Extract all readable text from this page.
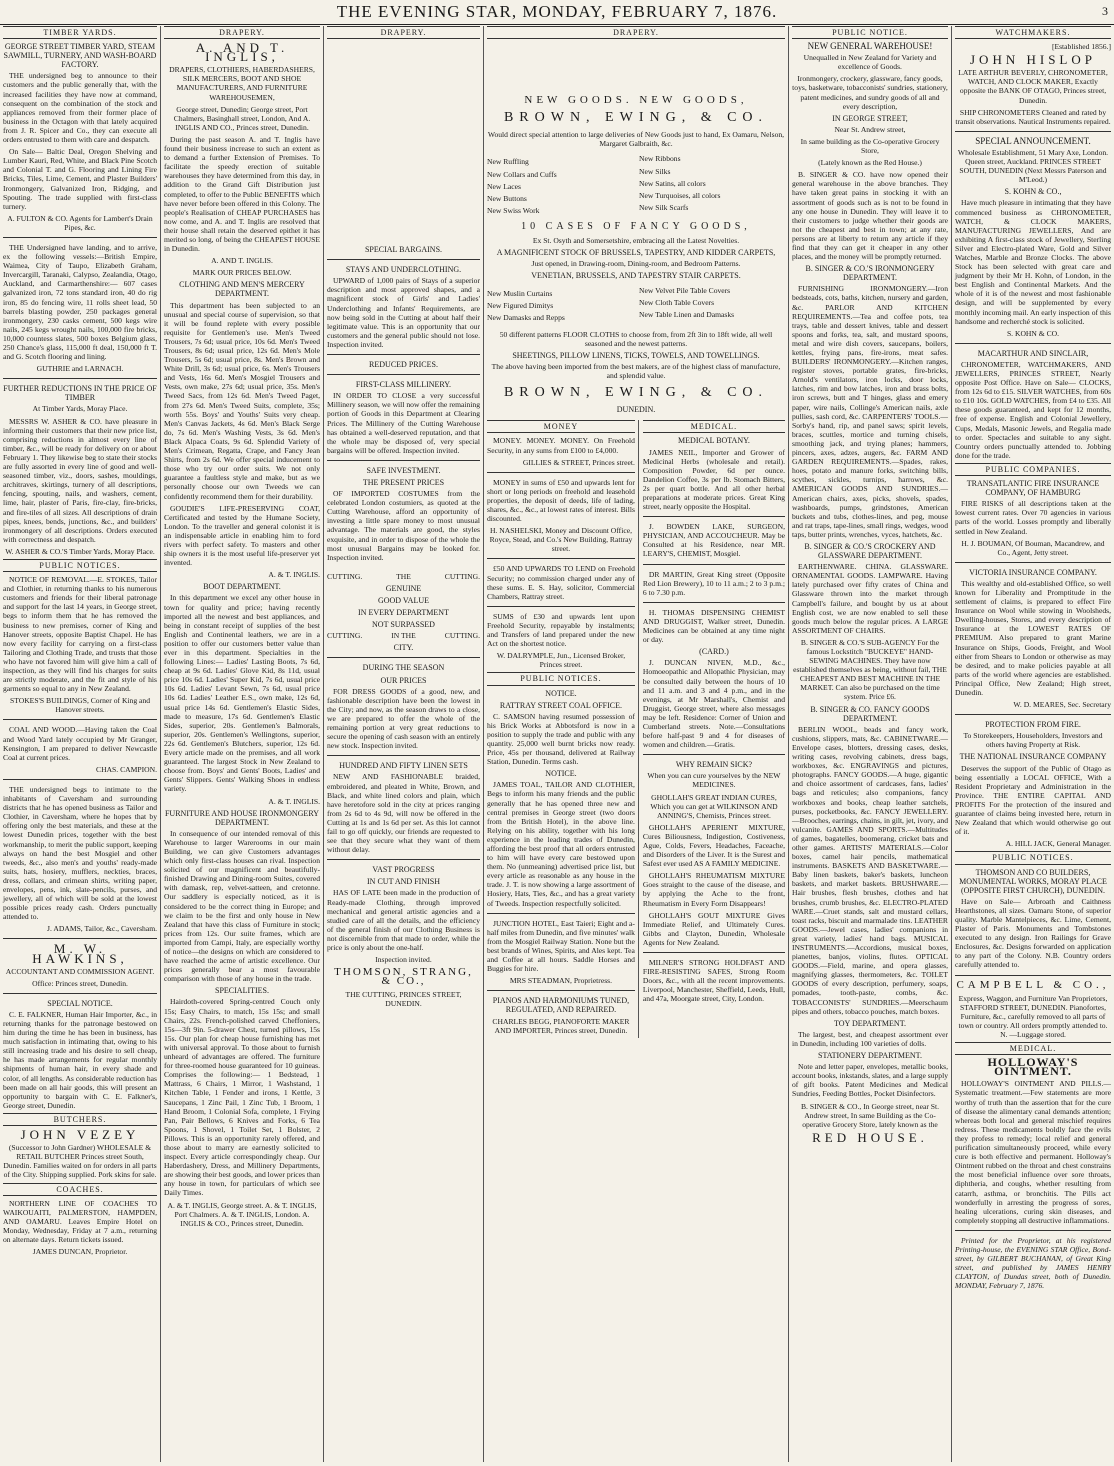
THE EVENING STAR, MONDAY, FEBRUARY 7, 1876.	3
TIMBER YARDS.
GEORGE STREET TIMBER YARD, STEAM SAWMILL, TURNERY, AND WASH-BOARD FACTORY.

THE undersigned beg to announce to their customers and the public generally that, with the increased facilities they have now at command, consequent on the combination of the stock and appliances removed from their former place of business in the Octagon with that lately acquired from J. R. Spicer and Co., they can execute all orders entrusted to them with care and despatch.

On Sale— Baltic Deal, Oregon Shelving and Lumber Kauri, Red, White, and Black Pine Scotch and Colonial T. and G. Flooring and Lining Fire Bricks, Tiles, Lime, Cement, and Plaster Builders' Ironmongery, Galvanized Iron, Ridging, and Spouting. The trade supplied with first-class turnery.

A. FULTON & CO. Agents for Lambert's Drain Pipes, &c.

THE Undersigned have landing, and to arrive, ex the following vessels:—British Empire, Waimea, City of Taupo, Elizabeth Graham, Invercargill, Taranaki, Calypso, Zealandia, Otago, Auckland, and Carmarthenshire:— 607 cases galvanized iron, 72 tons standard iron, 40 do rig iron, 85 do fencing wire, 11 rolls sheet lead, 50 barrels blasting powder, 250 packages general ironmongery, 230 casks cement, 500 kegs wire nails, 245 kegs wrought nails, 100,000 fire bricks, 10,000 countess slates, 500 boxes Belgium glass, 250 Chance's glass, 115,000 ft deal, 150,000 ft T. and G. Scotch flooring and lining.

GUTHRIE and LARNACH.

FURTHER REDUCTIONS IN THE PRICE OF TIMBER

At Timber Yards, Moray Place.

MESSRS W. ASHER & CO. have pleasure in informing their customers that their new price list, comprising reductions in almost every line of timber, &c., will be ready for delivery on or about February 1. They likewise beg to state their stocks are fully assorted in every line of good and well-seasoned timber, viz., doors, sashes, mouldings, architraves, skirtings, turnery of all descriptions, fencing, spouting, nails, and washers, cement, lime, hair, plaster of Paris, fire-clay, fire-bricks, and fire-tiles of all sizes. All descriptions of drain pipes, knees, bends, junctions, &c., and builders' ironmongery of all descriptions. Orders executed with correctness and despatch.

W. ASHER & CO.'S Timber Yards, Moray Place.

PUBLIC NOTICES.

NOTICE OF REMOVAL.—E. STOKES, Tailor and Clothier, in returning thanks to his numerous customers and friends for their liberal patronage and support for the last 14 years, in George street, begs to inform them that he has removed the business to new premises, corner of King and Hanover streets, opposite Baptist Chapel. He has now every facility for carrying on a first-class Tailoring and Clothing Trade, and trusts that those who have not favored him will give him a call of inspection, as they will find his charges for suits are strictly moderate, and the fit and style of his garments so equal to any in New Zealand.

STOKES'S BUILDINGS, Corner of King and Hanover streets.

COAL AND WOOD.—Having taken the Coal and Wood Yard lately occupied by Mr Granger, Kensington, I am prepared to deliver Newcastle Coal at current prices.

CHAS. CAMPION.

THE undersigned begs to intimate to the inhabitants of Caversham and surrounding districts that he has opened business as Tailor and Clothier, in Caversham, where he hopes that by offering only the best materials, and these at the lowest Dunedin prices, together with the best workmanship, to merit the public support, keeping always on hand the best Mosgiel and other tweeds, &c., also men's and youths' ready-made suits, hats, hosiery, mufflers, neckties, braces, dress, collars, and crimean shirts, writing paper, envelopes, pens, ink, slate-pencils, purses, and jewellery, all of which will be sold at the lowest possible prices ready cash. Orders punctually attended to.

J. ADAMS, Tailor, &c., Caversham.

M. W. HAWKINS,

ACCOUNTANT AND COMMISSION AGENT.

Office: Princes street, Dunedin.

SPECIAL NOTICE.

C. E. FALKNER, Human Hair Importer, &c., in returning thanks for the patronage bestowed on him during the time he has been in business, has much satisfaction in intimating that, owing to his still increasing trade and his desire to sell cheap, he has made arrangements for regular monthly shipments of human hair, in every shade and color, of all lengths. As considerable reduction has been made on all hair goods, this will present an opportunity to bargain with C. E. Falkner's, George street, Dunedin.

BUTCHERS.
JOHN VEZEY

(Successor to John Gardner) WHOLESALE & RETAIL BUTCHER Princes street South, Dunedin. Families waited on for orders in all parts of the City. Shipping supplied. Pork skins for sale.

COACHES.

NORTHERN LINE OF COACHES TO WAIKOUAITI, PALMERSTON, HAMPDEN, AND OAMARU. Leaves Empire Hotel on Monday, Wednesday, Friday at 7 a.m., returning on alternate days. Return tickets issued.

JAMES DUNCAN, Proprietor.

DRAPERY.
A. AND T. INGLIS,

DRAPERS, CLOTHIERS, HABERDASHERS, SILK MERCERS, BOOT AND SHOE MANUFACTURERS, AND FURNITURE WAREHOUSEMEN,

George street, Dunedin; George street, Port Chalmers, Basinghall street, London, And A. INGLIS AND CO., Princes street, Dunedin.

During the past season A. and T. Inglis have found their business increase to such an extent as to demand a further Extension of Premises. To facilitate the speedy erection of suitable warehouses they have determined from this day, in addition to the Grand Gift Distribution just completed, to offer to the Public BENEFITS which have never before been offered in this Colony. The people's Realisation of CHEAP PURCHASES has now come, and A. and T. Inglis are resolved that their house shall retain the deserved epithet it has merited so long, of being the CHEAPEST HOUSE in Dunedin.

A. AND T. INGLIS.

MARK OUR PRICES BELOW.

CLOTHING AND MEN'S MERCERY DEPARTMENT.

This department has been subjected to an unusual and special course of supervision, so that it will be found replete with every possible requisite for Gentlemen's use. Men's Tweed Trousers, 7s 6d; usual price, 10s 6d. Men's Tweed Trousers, 8s 6d; usual price, 12s 6d. Men's Mole Trousers, 5s 6d; usual price, 8s. Men's Brown and White Drill, 3s 6d; usual price, 6s. Men's Trousers and Vests, 16s 6d. Men's Mosgiel Trousers and Vests, own make, 27s 6d; usual price, 35s. Men's Tweed Sacs, from 12s 6d. Men's Tweed Paget, from 27s 6d. Men's Tweed Suits, complete, 35s; worth 55s. Boys' and Youths' Suits very cheap. Men's Canvas Jackets, 4s 6d. Men's Black Serge do, 7s 6d. Men's Washing Vests, 3s 6d. Men's Black Alpaca Coats, 9s 6d. Splendid Variety of Men's Crimean, Regatta, Crape, and Fancy Jean Shirts, from 2s 6d. We offer special inducement to those who try our order suits. We not only guarantee a faultless style and make, but as we personally choose our own Tweeds we can confidently recommend them for their durability.

GOUDIE'S LIFE-PRESERVING COAT, Certificated and tested by the Humane Society, London. To the traveller and general colonist it is an indispensable article in enabling him to ford rivers with perfect safety. To masters and other ship owners it is the most useful life-preserver yet invented.

A. & T. INGLIS.

BOOT DEPARTMENT.

In this department we excel any other house in town for quality and price; having recently imported all the newest and best appliances, and being in constant receipt of supplies of the best English and Continental leathers, we are in a position to offer our customers better value than ever in this department. Specialties in the following Lines:— Ladies' Lasting Boots, 7s 6d, cheap at 9s 6d. Ladies' Glove Kid, 8s 11d, usual price 10s 6d. Ladies' Super Kid, 7s 6d, usual price 10s 6d. Ladies' Levant Sewn, 7s 6d, usual price 10s 6d. Ladies' Leather E.S., own make, 12s 6d, usual price 14s 6d. Gentlemen's Elastic Sides, made to measure, 17s 6d. Gentlemen's Elastic Sides, superior, 20s. Gentlemen's Balmorals, superior, 20s. Gentlemen's Wellingtons, superior, 22s 6d. Gentlemen's Blutchers, superior, 12s 6d. Every article made on the premises, and all work guaranteed. The largest Stock in New Zealand to choose from. Boys' and Gents' Boots, Ladies' and Gents' Slippers. Gents' Walking Shoes in endless variety.

A. & T. INGLIS.

FURNITURE AND HOUSE IRONMONGERY DEPARTMENT.

In consequence of our intended removal of this Warehouse to larger Warerooms in our main Building, we can give Customers advantages which only first-class houses can rival. Inspection solicited of our magnificent and beautifully-finished Drawing and Dining-room Suites, covered with damask, rep, velvet-satteen, and cretonne. Our saddlery is especially noticed, as it is considered to be the correct thing in Europe; and we claim to be the first and only house in New Zealand that have this class of Furniture in stock; prices from 12s. Our suite frames, which are imported from Campi, Italy, are especially worthy of notice—the designs on which are considered to have reached the acme of artistic excellence. Our prices generally bear a most favourable comparison with those of any house in the trade.

SPECIALITIES.

Hairdoth-covered Spring-centred Couch only 15s; Easy Chairs, to match, 15s 15s; and small Chairs, 22s. French-polished carved Cheffoniers, 15s—3ft 9in. 5-drawer Chest, turned pillows, 15s 15s. Our plan for cheap house furnishing has met with universal approval. To those about to furnish unheard of advantages are offered. The furniture for three-roomed house guaranteed for 10 guineas. Comprises the following:— 1 Bedstead, 1 Mattrass, 6 Chairs, 1 Mirror, 1 Washstand, 1 Kitchen Table, 1 Fender and irons, 1 Kettle, 3 Saucepans, 1 Zinc Pail, 1 Zinc Tub, 1 Broom, 1 Hand Broom, 1 Colonial Sofa, complete, 1 Frying Pan, Pair Bellows, 6 Knives and Forks, 6 Tea Spoons, 1 Shovel, 1 Toilet Set, 1 Bolster, 2 Pillows. This is an opportunity rarely offered, and those about to marry are earnestly solicited to inspect. Every article correspondingly cheap. Our Haberdashery, Dress, and Millinery Departments, are showing their best goods, and lower prices than any house in town, for particulars of which see Daily Times.

A. & T. INGLIS, George street. A. & T. INGLIS, Port Chalmers. A. & T. INGLIS, London. A. INGLIS & CO., Princes street, Dunedin.

DRAPERY.
SPECIAL BARGAINS.
STAYS AND UNDERCLOTHING.

UPWARD of 1,000 pairs of Stays of a superior description and most approved shapes, and a magnificent stock of Girls' and Ladies' Underclothing and Infants' Requirements, are now being sold in the Cutting at about half their legitimate value. This is an opportunity that our customers and the general public should not lose. Inspection invited.

REDUCED PRICES.
FIRST-CLASS MILLINERY.

IN ORDER TO CLOSE a very successful Millinery season, we will now offer the remaining portion of Goods in this Department at Clearing Prices. The Millinery of the Cutting Warehouse has obtained a well-deserved reputation, and that the whole may be disposed of, very special bargains will be offered. Inspection invited.

SAFE INVESTMENT.
THE PRESENT PRICES

OF IMPORTED COSTUMES from the celebrated London costumiers, as quoted at the Cutting Warehouse, afford an opportunity of investing a little spare money to most unusual advantage. The materials are good, the styles exquisite, and in order to dispose of the whole the most unusual Bargains may be looked for. Inspection invited.

CUTTING.	THE	CUTTING.
GENUINE
GOOD VALUE
IN EVERY DEPARTMENT
NOT SURPASSED
CUTTING.	IN THE	CUTTING.
CITY.
DURING THE SEASON
OUR PRICES

FOR DRESS GOODS of a good, new, and fashionable description have been the lowest in the City; and now, as the season draws to a close, we are prepared to offer the whole of the remaining portion at very great reductions to secure the opening of cash season with an entirely new stock. Inspection invited.

HUNDRED AND FIFTY LINEN SETS

NEW AND FASHIONABLE braided, embroidered, and pleated in White, Brown, and Black, and white lined colors and plain, which have heretofore sold in the city at prices ranging from 2s 6d to 4s 9d, will now be offered in the Cutting at 1s and 1s 6d per set. As this lot cannot fail to go off quickly, our friends are requested to see that they secure what they want of them without delay.

VAST PROGRESS
IN CUT AND FINISH

HAS OF LATE been made in the production of Ready-made Clothing, through improved mechanical and general artistic agencies and a studied care of all the details, and the efficiency of the general finish of our Clothing Business is not discernible from that made to order, while the price is only about the one-half.

Inspection invited.

THOMSON, STRANG, & CO.,

THE CUTTING, PRINCES STREET, DUNEDIN.

DRAPERY.
NEW GOODS. NEW GOODS,
BROWN, EWING, & CO.

Would direct special attention to large deliveries of New Goods just to hand, Ex Oamaru, Nelson, Margaret Galbraith, &c.

New Ruffling
New Collars and Cuffs
New Laces
New Buttons
New Swiss Work
New Ribbons
New Silks
New Satins, all colors
New Turquoises, all colors
New Silk Scarfs
10 CASES OF FANCY GOODS,

Ex St. Osyth and Somersetshire, embracing all the Latest Novelties.

A MAGNIFICENT STOCK OF BRUSSELS, TAPESTRY, AND KIDDER CARPETS,

Just opened, in Drawing-room, Dining-room, and Bedroom Patterns.

VENETIAN, BRUSSELS, AND TAPESTRY STAIR CARPETS.
New Muslin Curtains
New Figured Dimitys
New Damasks and Repps
New Velvet Pile Table Covers
New Cloth Table Covers
New Table Linen and Damasks

50 different patterns FLOOR CLOTHS to choose from, from 2ft 3in to 18ft wide, all well seasoned and the newest patterns.

SHEETINGS, PILLOW LINENS, TICKS, TOWELS, AND TOWELLINGS.

The above having been imported from the best makers, are of the highest class of manufacture, and splendid value.

BROWN, EWING, & CO.
DUNEDIN.
MONEY

MONEY. MONEY. MONEY. On Freehold Security, in any sums from £100 to £4,000.

GILLIES & STREET, Princes street.

MONEY in sums of £50 and upwards lent for short or long periods on freehold and leasehold properties, the deposit of deeds, life of lading, shares, &c., &c., at lowest rates of interest. Bills discounted.

H. NASHELSKI, Money and Discount Office, Royce, Stead, and Co.'s New Building, Rattray street.

£50 AND UPWARDS TO LEND on Freehold Security; no commission charged under any of these sums. E. S. Hay, solicitor, Commercial Chambers, Rattray street.

SUMS of £30 and upwards lent upon Freehold Security, repayable by instalments; and Transfers of land prepared under the new Act on the shortest notice.

W. DALRYMPLE, Jun., Licensed Broker, Princes street.

PUBLIC NOTICES.
NOTICE.
RATTRAY STREET COAL OFFICE.

C. SAMSON having resumed possession of his Brick Works at Abbotsford is now in a position to supply the trade and public with any quantity. 25,000 well burnt bricks now ready. Price, 45s per thousand, delivered at Railway Station, Dunedin. Terms cash.

NOTICE.

JAMES TOAL, TAILOR AND CLOTHIER, Begs to inform his many friends and the public generally that he has opened three new and central premises in George street (two doors from the British Hotel), in the above line. Relying on his ability, together with his long experience in the leading trades of Dunedin, affording the best proof that all orders entrusted to him will have every care bestowed upon them. No (unmeaning) advertised price list, but every article as reasonable as any house in the trade. J. T. is now showing a large assortment of Hosiery, Hats, Ties, &c., and has a great variety of Tweeds. Inspection respectfully solicited.

JUNCTION HOTEL, East Taieri; Eight and a-half miles from Dunedin, and five minutes' walk from the Mosgiel Railway Station. None but the best brands of Wines, Spirits, and Ales kept. Tea and Coffee at all hours. Saddle Horses and Buggies for hire.

MRS STEADMAN, Proprietress.

PIANOS AND HARMONIUMS TUNED, REGULATED, AND REPAIRED.

CHARLES BEGG, PIANOFORTE MAKER AND IMPORTER, Princes street, Dunedin.

MEDICAL.
MEDICAL BOTANY.

JAMES NEIL, Importer and Grower of Medicinal Herbs (wholesale and retail). Composition Powder, 6d per ounce. Dandelion Coffee, 3s per lb. Stomach Bitters, 2s per quart bottle. And all other herbal preparations at moderate prices. Great King street, nearly opposite the Hospital.

J. BOWDEN LAKE, SURGEON, PHYSICIAN, AND ACCOUCHEUR. May be Consulted at his Residence, near MR. LEARY'S, CHEMIST, Mosgiel.

DR MARTIN, Great King street (Opposite Red Lion Brewery), 10 to 11 a.m.; 2 to 3 p.m.; 6 to 7.30 p.m.

H. THOMAS DISPENSING CHEMIST AND DRUGGIST, Walker street, Dunedin. Medicines can be obtained at any time night or day.

(CARD.)

J. DUNCAN NIVEN, M.D., &c., Homoeopathic and Allopathic Physician, may be consulted daily between the hours of 10 and 11 a.m. and 3 and 4 p.m., and in the evenings, at Mr Marshall's, Chemist and Druggist, George street, where also messages may be left. Residence: Corner of Union and Cumberland streets. Note.—Consultations before half-past 9 and 4 for diseases of women and children.—Gratis.

WHY REMAIN SICK?

When you can cure yourselves by the NEW MEDICINES.

GHOLLAH'S GREAT INDIAN CURES, Which you can get at WILKINSON AND ANNING'S, Chemists, Princes street.

GHOLLAH'S APERIENT MIXTURE, Cures Biliousness, Indigestion, Costiveness, Ague, Colds, Fevers, Headaches, Faceache, and Disorders of the Liver. It is the Surest and Safest ever used AS A FAMILY MEDICINE.

GHOLLAH'S RHEUMATISM MIXTURE Goes straight to the cause of the disease, and by applying the Ache to the front, Rheumatism in Every Form Disappears!

GHOLLAH'S GOUT MIXTURE Gives Immediate Relief, and Ultimately Cures. Gibbs and Clayton, Dunedin, Wholesale Agents for New Zealand.

MILNER'S STRONG HOLDFAST AND FIRE-RESISTING SAFES, Strong Room Doors, &c., with all the recent improvements. Liverpool, Manchester, Sheffield, Leeds, Hull, and 47a, Moorgate street, City, London.

PUBLIC NOTICE.
NEW GENERAL WAREHOUSE!

Unequalled in New Zealand for Variety and excellence of Goods.

Ironmongery, crockery, glassware, fancy goods, toys, basketware, tobacconists' sundries, stationery, patent medicines, and sundry goods of all and every description,

IN GEORGE STREET,

Near St. Andrew street,

In same building as the Co-operative Grocery Store,

(Lately known as the Red House.)

B. SINGER & CO. have now opened their general warehouse in the above branches. They have taken great pains in stocking it with an assortment of goods such as is not to be found in any one house in Dunedin. They will leave it to their customers to judge whether their goods are not the cheapest and best in town; at any rate, persons are at liberty to return any article if they find that they can get it cheaper in any other places, and the money will be promptly returned.

B. SINGER & CO.'S IRONMONGERY DEPARTMENT.

FURNISHING IRONMONGERY.—Iron bedsteads, cots, baths, kitchen, nursery and garden, &c. PARLOR AND KITCHEN REQUIREMENTS.—Tea and coffee pots, tea trays, table and dessert knives, table and dessert spoons and forks, tea, salt, and mustard spoons, metal and wire dish covers, saucepans, boilers, kettles, frying pans, fire-irons, meat safes. BUILDERS' IRONMONGERY.—Kitchen ranges, register stoves, portable grates, fire-bricks, Arnold's ventilators, iron locks, door locks, latches, rim and bow latches, iron and brass bolts, iron screws, butt and T hinges, glass and emery paper, wire nails, Collinge's American nails, axle pullies, sash cord, &c. CARPENTERS' TOOLS.—Sorby's hand, rip, and panel saws; spirit levels, braces, scuttles, mortice and turning chisels, smoothing jack, and trying planes; hammers, pincers, axes, adzes, augers, &c. FARM AND GARDEN REQUIREMENTS.—Spades, rakes, hoes, potato and manure forks, switching bills, scythes, sickles, turnips, harrows, &c. AMERICAN GOODS AND SUNDRIES.—American chairs, axes, picks, shovels, spades, washboards, pumps, grindstones, American buckets and tubs, clothes-lines, and peg, mouse and rat traps, tape-lines, small rings, wedges, wood taps, butter prints, wrenches, vyces, hatchets, &c.

B. SINGER & CO.'S CROCKERY AND GLASSWARE DEPARTMENT.

EARTHENWARE. CHINA. GLASSWARE. ORNAMENTAL GOODS. LAMPWARE. Having lately purchased over fifty crates of China and Glassware thrown into the market through Campbell's failure, and bought by us at about English cost, we are now enabled to sell these goods much below the regular prices. A LARGE ASSORTMENT OF CHAIRS.

B. SINGER & CO.'S SUB-AGENCY For the famous Lockstitch "BUCKEYE" HAND-SEWING MACHINES. They have now established themselves as being, without fail, THE CHEAPEST AND BEST MACHINE IN THE MARKET. Can also be purchased on the time system. Price £6.

B. SINGER & CO. FANCY GOODS DEPARTMENT.

BERLIN WOOL, beads and fancy work, cushions, slippers, mats, &c. CABINETWARE.—Envelope cases, blotters, dressing cases, desks, writing cases, revolving cabinets, dress bags, workboxes, &c. ENGRAVINGS and pictures, photographs. FANCY GOODS.—A huge, gigantic and choice assortment of cardcases, fans, ladies' bags and reticules; also companions, fancy workboxes and books, cheap leather satchels, purses, pocketbooks, &c. FANCY JEWELLERY.—Brooches, earrings, chains, in gilt, jet, ivory, and vulcanite. GAMES AND SPORTS.—Multitudes of games, bagatelles, boomerang, cricket bats and other games. ARTISTS' MATERIALS.—Color boxes, camel hair pencils, mathematical instruments. BASKETS AND BASKETWARE.—Baby linen baskets, baker's baskets, luncheon baskets, and market baskets. BRUSHWARE.—Hair brushes, flesh brushes, clothes and hat brushes, crumb brushes, &c. ELECTRO-PLATED WARE.—Cruet stands, salt and mustard cellars, toast racks, biscuit and marmalade tins. LEATHER GOODS.—Jewel cases, ladies' companions in great variety, ladies' hand bags. MUSICAL INSTRUMENTS.—Accordions, musical boxes, pianettes, banjos, violins, flutes. OPTICAL GOODS.—Field, marine, and opera glasses, magnifying glasses, thermometers, &c. TOILET GOODS of every description, perfumery, soaps, pomades, tooth-paste, combs, &c. TOBACCONISTS' SUNDRIES.—Meerschaum pipes and others, tobacco pouches, match boxes.

TOY DEPARTMENT.

The largest, best, and cheapest assortment ever in Dunedin, including 100 varieties of dolls.

STATIONERY DEPARTMENT.

Note and letter paper, envelopes, metallic books, account books, inkstands, slates, and a large supply of gift books. Patent Medicines and Medical Sundries, Feeding Bottles, Pocket Disinfectors.

B. SINGER & CO., In George street, near St. Andrew street, In same Building as the Co-operative Grocery Store, lately known as the

RED HOUSE.
WATCHMAKERS.

[Established 1856.]

JOHN HISLOP

LATE ARTHUR BEVERLY, CHRONOMETER, WATCH, AND CLOCK MAKER, Exactly opposite the BANK OF OTAGO, Princes street, Dunedin.

SHIP CHRONOMETERS Cleaned and rated by transit observations. Nautical Instruments repaired.

SPECIAL ANNOUNCEMENT.

Wholesale Establishment, 51 Mary Axe, London. Queen street, Auckland. PRINCES STREET SOUTH, DUNEDIN (Next Messrs Paterson and M'Leod.)

S. KOHN & CO.,

Have much pleasure in intimating that they have commenced business as CHRONOMETER, WATCH, & CLOCK MAKERS, MANUFACTURING JEWELLERS, And are exhibiting A first-class stock of Jewellery, Sterling Silver and Electro-plated Ware, Gold and Silver Watches, Marble and Bronze Clocks. The above Stock has been selected with great care and judgment by their Mr H. Kohn, of London, in the best English and Continental Markets. And the whole of it is of the newest and most fashionable design, and will be supplemented by every monthly incoming mail. An early inspection of this handsome and recherché stock is solicited.

S. KOHN & CO.

MACARTHUR AND SINCLAIR,

CHRONOMETER, WATCHMAKERS, AND JEWELLERS, PRINCES STREET, Nearly opposite Post Office. Have on Sale— CLOCKS, from 12s 6d to £15. SILVER WATCHES, from 60s to £10 10s. GOLD WATCHES, from £4 to £35. All these goods guaranteed, and kept for 12 months, free of expense. English and Colonial Jewellery, Cups, Medals, Masonic Jewels, and Regalia made to order. Spectacles and suitable to any sight. Country orders punctually attended to. Jobbing done for the trade.

PUBLIC COMPANIES.
TRANSATLANTIC FIRE INSURANCE COMPANY, OF HAMBURG

FIRE RISKS of all descriptions taken at the lowest current rates. Over 70 agencies in various parts of the world. Losses promptly and liberally settled in New Zealand.

H. J. BOUMAN, Of Bouman, Macandrew, and Co., Agent, Jetty street.

VICTORIA INSURANCE COMPANY.

This wealthy and old-established Office, so well known for Liberality and Promptitude in the settlement of claims, is prepared to effect Fire Insurance on Wool while stowing in Woolsheds, Dwelling-houses, Stores, and every description of Insurance at the LOWEST RATES OF PREMIUM. Also prepared to grant Marine Insurance on Ships, Goods, Freight, and Wool either from Shears to London or otherwise as may be desired, and to make policies payable at all parts of the world where agencies are established. Principal Office, New Zealand; High street, Dunedin.

W. D. MEARES, Sec. Secretary

PROTECTION FROM FIRE.

To Storekeepers, Householders, Investors and others having Property at Risk.

THE NATIONAL INSURANCE COMPANY

Deserves the support of the Public of Otago as being essentially a LOCAL OFFICE, With a Resident Proprietary and Administration in the Province. THE ENTIRE CAPITAL AND PROFITS For the protection of the insured and guarantee of claims being invested here, return in New Zealand that which would otherwise go out of it.

A. HILL JACK, General Manager.

PUBLIC NOTICES.
THOMSON AND CO BUILDERS, MONUMENTAL WORKS, MORAY PLACE (OPPOSITE FIRST CHURCH), DUNEDIN.

Have on Sale— Arbroath and Caithness Hearthstones, all sizes. Oamaru Stone, of superior quality. Marble Mantelpieces, &c. Lime, Cement, Plaster of Paris. Monuments and Tombstones executed to any design. Iron Railings for Grave Enclosures, &c. Designs forwarded on application to any part of the Colony. N.B. Country orders carefully attended to.

CAMPBELL & CO.,

Express, Waggon, and Furniture Van Proprietors, STAFFORD STREET, DUNEDIN. Pianofortes, Furniture, &c., carefully removed to all parts of town or country. All orders promptly attended to. N. —Luggage stored.

MEDICAL.
HOLLOWAY'S OINTMENT.

HOLLOWAY'S OINTMENT AND PILLS.—Systematic treatment.—Few statements are more worthy of truth than the assertion that for the cure of disease the alimentary canal demands attention; whereas both local and general mischief requires redress. These medicaments boldly face the evils they profess to remedy; local relief and general purification simultaneously proceed, while every cure is both effective and permanent. Holloway's Ointment rubbed on the throat and chest constrains the most beneficial influence over sore throats, diphtheria, and coughs, whether resulting from catarrh, asthma, or bronchitis. The Pills act wonderfully in arresting the progress of sores, healing ulcerations, curing skin diseases, and completely stopping all destructive inflammations.

Printed for the Proprietor, at his registered Printing-house, the EVENING STAR Office, Bond-street, by GILBERT BUCHANAN, of Great King street, and published by JAMES HENRY CLAYTON, of Dundas street, both of Dunedin. MONDAY, February 7, 1876.
